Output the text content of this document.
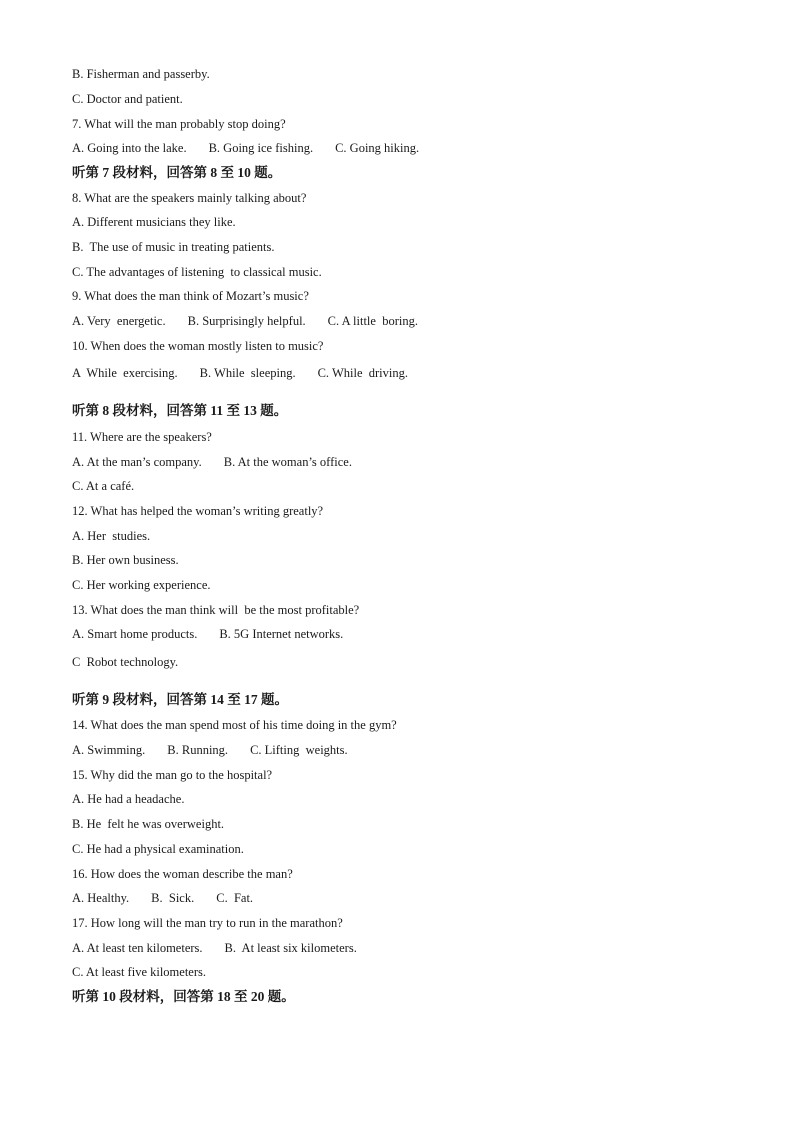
B. Fisherman and passerby.
C. Doctor and patient.
7. What will the man probably stop doing?
A. Going into the lake. B. Going ice fishing. C. Going hiking.
听第 7 段材料，回答第 8 至 10 题。
8. What are the speakers mainly talking about?
A. Different musicians they like.
B.  The use of music in treating patients.
C. The advantages of listening  to classical music.
9. What does the man think of Mozart’s music?
A. Very  energetic. B. Surprisingly helpful. C. A little  boring.
10. When does the woman mostly listen to music?
A  While  exercising. B. While  sleeping. C. While  driving.
听第 8 段材料，回答第 11 至 13 题。
11. Where are the speakers?
A. At the man’s company. B. At the woman’s office.
C. At a café.
12. What has helped the woman’s writing greatly?
A. Her  studies.
B. Her own business.
C. Her working experience.
13. What does the man think will  be the most profitable?
A. Smart home products. B. 5G Internet networks.
C  Robot technology.
听第 9 段材料，回答第 14 至 17 题。
14. What does the man spend most of his time doing in the gym?
A. Swimming. B. Running. C. Lifting  weights.
15. Why did the man go to the hospital?
A. He had a headache.
B. He  felt he was overweight.
C. He had a physical examination.
16. How does the woman describe the man?
A. Healthy. B.  Sick. C.  Fat.
17. How long will the man try to run in the marathon?
A. At least ten kilometers. B.  At least six kilometers.
C. At least five kilometers.
听第 10 段材料，回答第 18 至 20 题。
